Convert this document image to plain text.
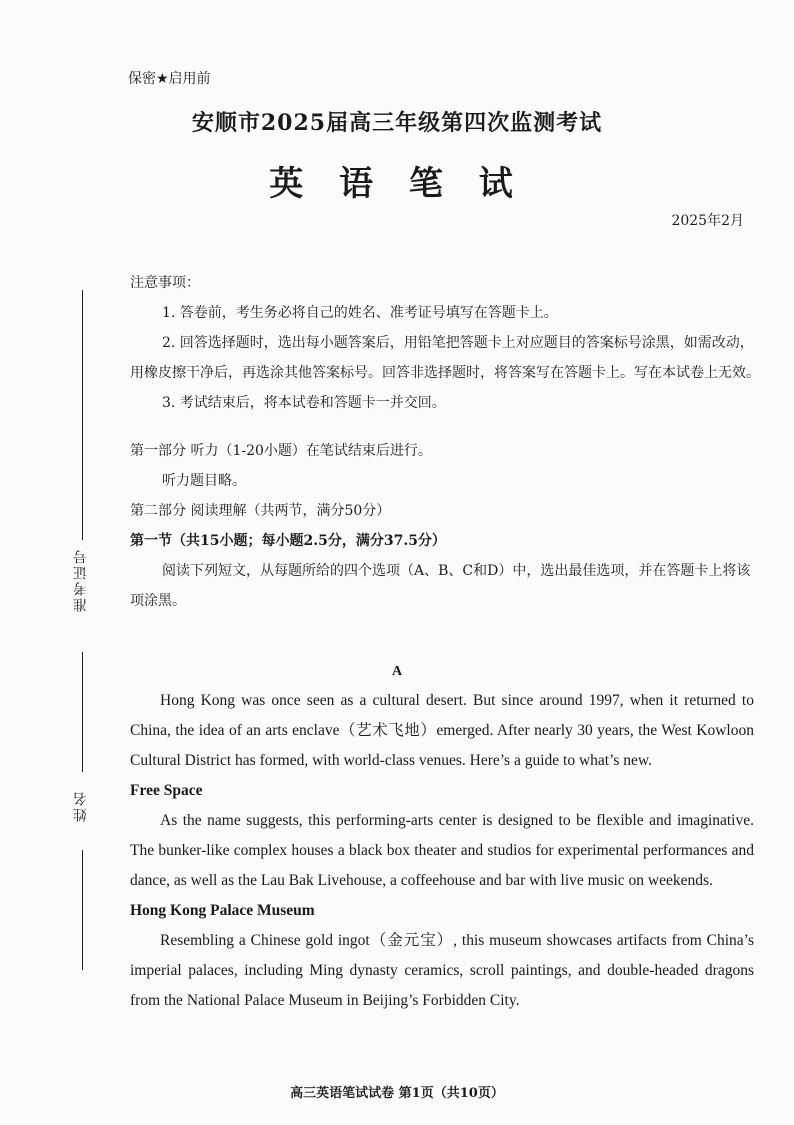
保密★启用前
安顺市2025届高三年级第四次监测考试
英 语 笔 试
2025年2月
准考证号
姓名

注意事项：

1. 答卷前，考生务必将自己的姓名、准考证号填写在答题卡上。

2. 回答选择题时，选出每小题答案后，用铅笔把答题卡上对应题目的答案标号涂黑，如需改动，用橡皮擦干净后，再选涂其他答案标号。回答非选择题时，将答案写在答题卡上。写在本试卷上无效。

3. 考试结束后，将本试卷和答题卡一并交回。

第一部分 听力（1-20小题）在笔试结束后进行。

听力题目略。

第二部分 阅读理解（共两节，满分50分）

第一节（共15小题；每小题2.5分，满分37.5分）

阅读下列短文，从每题所给的四个选项（A、B、C和D）中，选出最佳选项，并在答题卡上将该项涂黑。

A

Hong Kong was once seen as a cultural desert. But since around 1997, when it returned to China, the idea of an arts enclave（艺术飞地）emerged. After nearly 30 years, the West Kowloon Cultural District has formed, with world-class venues. Here’s a guide to what’s new.

Free Space

As the name suggests, this performing-arts center is designed to be flexible and imaginative. The bunker-like complex houses a black box theater and studios for experimental performances and dance, as well as the Lau Bak Livehouse, a coffeehouse and bar with live music on weekends.

Hong Kong Palace Museum

Resembling a Chinese gold ingot（金元宝）, this museum showcases artifacts from China’s imperial palaces, including Ming dynasty ceramics, scroll paintings, and double-headed dragons from the National Palace Museum in Beijing’s Forbidden City.

高三英语笔试试卷 第1页（共10页）
